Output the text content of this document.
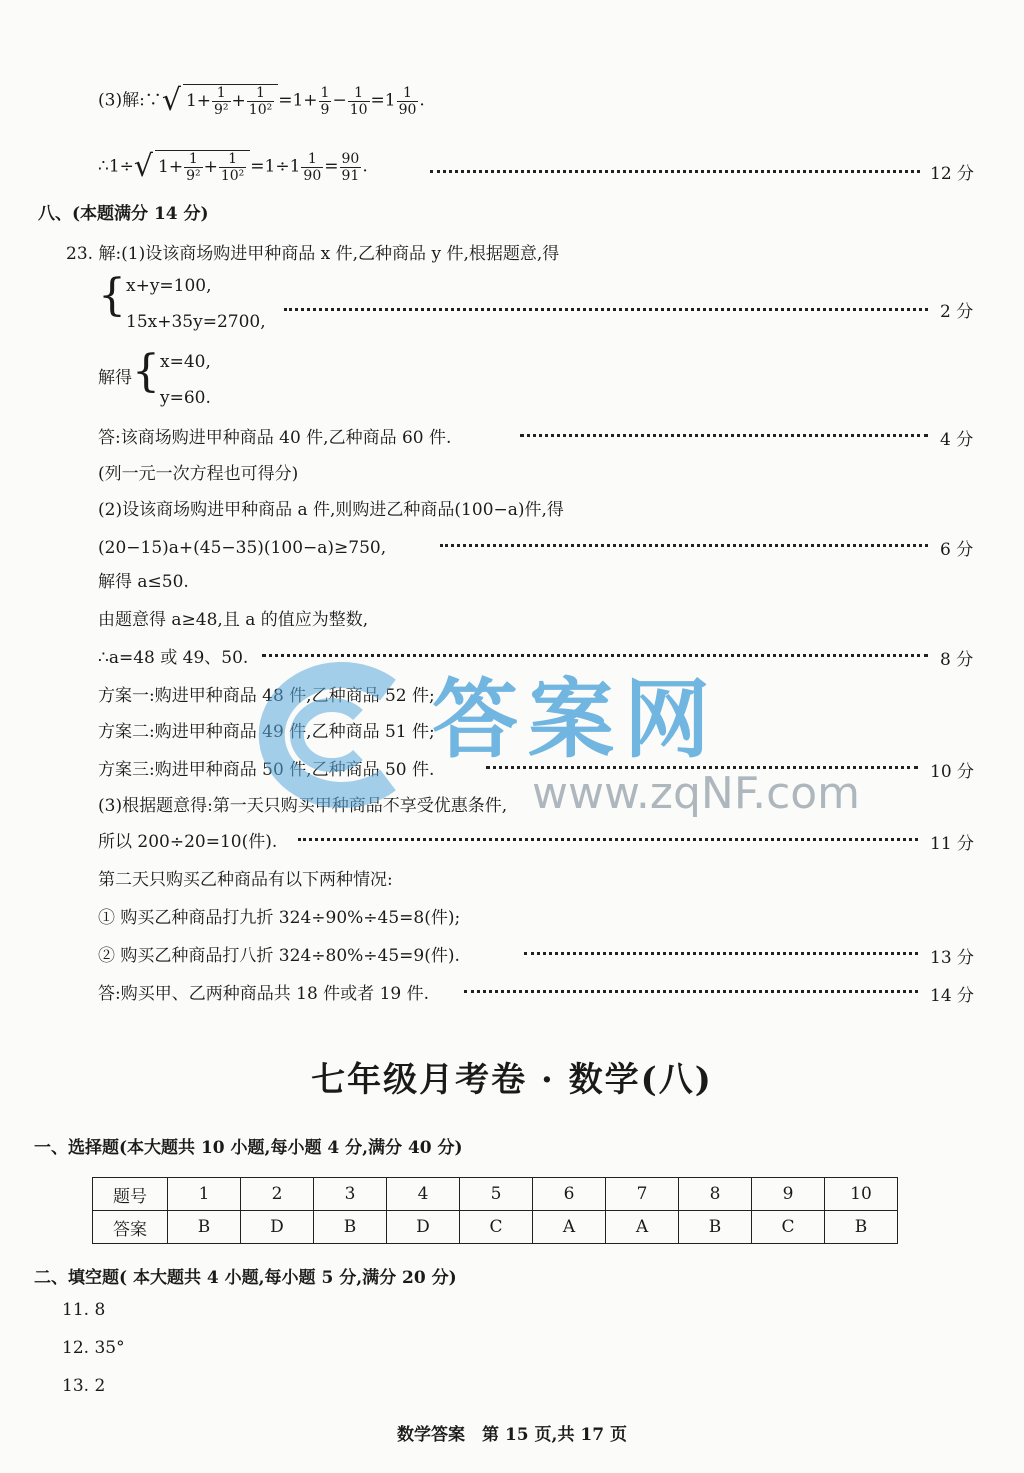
(3)解:∵√ $1+ \frac{1}{\text{9²}} + \frac{1}{\text{10²}} =1+ \frac{1}{9} - \frac{1}{10} =1 \frac{1}{90}$ .
∴1÷√ $1+ \frac{1}{\text{9²}} + \frac{1}{\text{10²}} =1\div 1 \frac{1}{90} = \frac{90}{91}$ .	12 分
八、(本题满分 14 分)
23. 解:(1)设该商场购进甲种商品 x 件,乙种商品 y 件,根据题意,得
{ x+y=100,
15x+35y=2700,	2 分
解得{ x=40,
y=60.
答:该商场购进甲种商品 40 件,乙种商品 60 件.	4 分
(列一元一次方程也可得分)
(2)设该商场购进甲种商品 a 件,则购进乙种商品(100−a)件,得
(20−15)a+(45−35)(100−a)≥750,	6 分
解得 a≤50.
由题意得 a≥48,且 a 的值应为整数,
∴a=48 或 49、50.	8 分
方案一:购进甲种商品 48 件,乙种商品 52 件;
方案二:购进甲种商品 49 件,乙种商品 51 件;
方案三:购进甲种商品 50 件,乙种商品 50 件.	10 分
(3)根据题意得:第一天只购买甲种商品不享受优惠条件,
所以 200÷20=10(件).	11 分
第二天只购买乙种商品有以下两种情况:
① 购买乙种商品打九折 324÷90%÷45=8(件);
② 购买乙种商品打八折 324÷80%÷45=9(件).	13 分
答:购买甲、乙两种商品共 18 件或者 19 件.	14 分
七年级月考卷 · 数学(八)
一、选择题(本大题共 10 小题,每小题 4 分,满分 40 分)
题号	1	2	3	4	5	6	7	8	9	10
答案	B	D	B	D	C	A	A	B	C	B
二、填空题( 本大题共 4 小题,每小题 5 分,满分 20 分)
11. 8
12. 35°
13. 2
数学答案　第 15 页,共 17 页
答案网
www.zqNF.com
